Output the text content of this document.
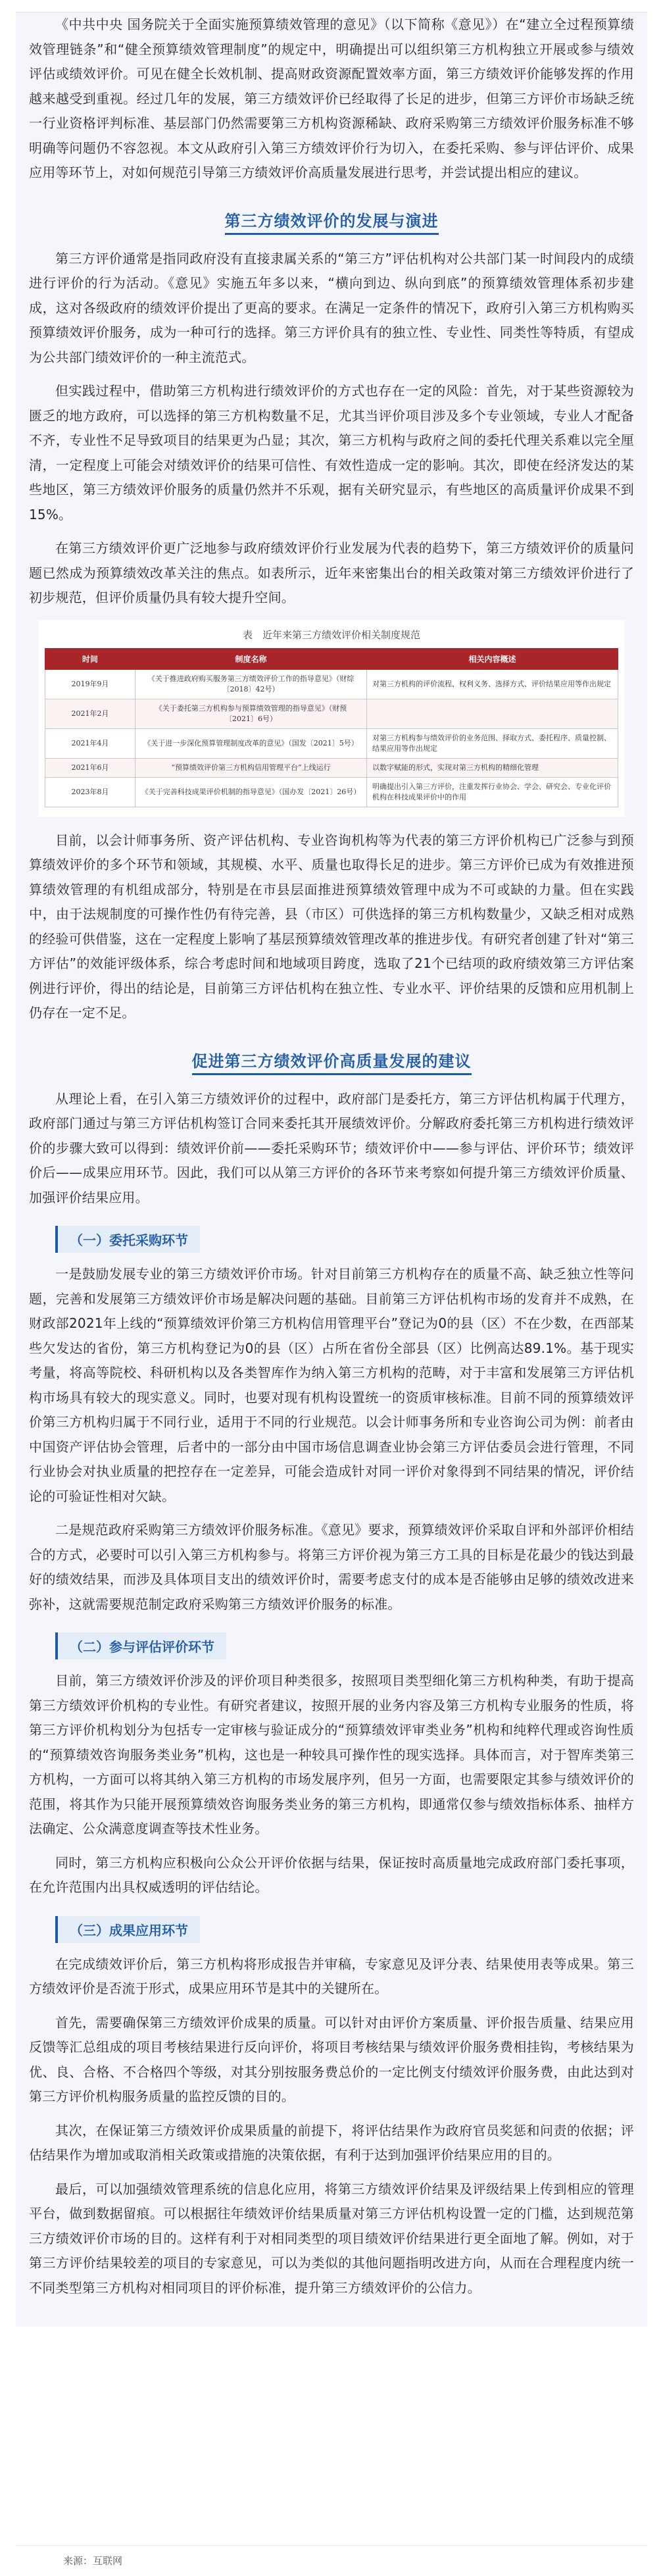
《中共中央 国务院关于全面实施预算绩效管理的意见》（以下简称《意见》）在“建立全过程预算绩效管理链条”和“健全预算绩效管理制度”的规定中，明确提出可以组织第三方机构独立开展或参与绩效评估或绩效评价。可见在健全长效机制、提高财政资源配置效率方面，第三方绩效评价能够发挥的作用越来越受到重视。经过几年的发展，第三方绩效评价已经取得了长足的进步，但第三方评价市场缺乏统一行业资格评判标准、基层部门仍然需要第三方机构资源稀缺、政府采购第三方绩效评价服务标准不够明确等问题仍不容忽视。本文从政府引入第三方绩效评价行为切入，在委托采购、参与评估评价、成果应用等环节上，对如何规范引导第三方绩效评价高质量发展进行思考，并尝试提出相应的建议。

第三方绩效评价的发展与演进

第三方评价通常是指同政府没有直接隶属关系的“第三方”评估机构对公共部门某一时间段内的成绩进行评价的行为活动。《意见》实施五年多以来，“横向到边、纵向到底”的预算绩效管理体系初步建成，这对各级政府的绩效评价提出了更高的要求。在满足一定条件的情况下，政府引入第三方机构购买预算绩效评价服务，成为一种可行的选择。第三方评价具有的独立性、专业性、同类性等特质，有望成为公共部门绩效评价的一种主流范式。

但实践过程中，借助第三方机构进行绩效评价的方式也存在一定的风险：首先，对于某些资源较为匮乏的地方政府，可以选择的第三方机构数量不足，尤其当评价项目涉及多个专业领域，专业人才配备不齐，专业性不足导致项目的结果更为凸显；其次，第三方机构与政府之间的委托代理关系难以完全厘清，一定程度上可能会对绩效评价的结果可信性、有效性造成一定的影响。其次，即使在经济发达的某些地区，第三方绩效评价服务的质量仍然并不乐观，据有关研究显示，有些地区的高质量评价成果不到15%。

在第三方绩效评价更广泛地参与政府绩效评价行业发展为代表的趋势下，第三方绩效评价的质量问题已然成为预算绩效改革关注的焦点。如表所示，近年来密集出台的相关政策对第三方绩效评价进行了初步规范，但评价质量仍具有较大提升空间。

表　近年来第三方绩效评价相关制度规范
时间	制度名称	相关内容概述
2019年9月	《关于推进政府购买服务第三方绩效评价工作的指导意见》（财综〔2018〕42号）	对第三方机构的评价流程、权利义务、选择方式、评价结果应用等作出规定
2021年2月	《关于委托第三方机构参与预算绩效管理的指导意见》（财预〔2021〕6号）	
2021年4月	《关于进一步深化预算管理制度改革的意见》（国发〔2021〕5号）	对第三方机构参与绩效评价的业务范围、择取方式、委托程序、质量控制、结果应用等作出规定
2021年6月	“预算绩效评价第三方机构信用管理平台”上线运行	以数字赋能的形式，实现对第三方机构的精细化管理
2023年8月	《关于完善科技成果评价机制的指导意见》（国办发〔2021〕26号）	明确提出引入第三方评价，注重发挥行业协会、学会、研究会、专业化评价机构在科技成果评价中的作用

目前，以会计师事务所、资产评估机构、专业咨询机构等为代表的第三方评价机构已广泛参与到预算绩效评价的多个环节和领域，其规模、水平、质量也取得长足的进步。第三方评价已成为有效推进预算绩效管理的有机组成部分，特别是在市县层面推进预算绩效管理中成为不可或缺的力量。但在实践中，由于法规制度的可操作性仍有待完善，县（市区）可供选择的第三方机构数量少，又缺乏相对成熟的经验可供借鉴，这在一定程度上影响了基层预算绩效管理改革的推进步伐。有研究者创建了针对“第三方评估”的效能评级体系，综合考虑时间和地域项目跨度，选取了21个已结项的政府绩效第三方评估案例进行评价，得出的结论是，目前第三方评估机构在独立性、专业水平、评价结果的反馈和应用机制上仍存在一定不足。

促进第三方绩效评价高质量发展的建议

从理论上看，在引入第三方绩效评价的过程中，政府部门是委托方，第三方评估机构属于代理方，政府部门通过与第三方评估机构签订合同来委托其开展绩效评价。分解政府委托第三方机构进行绩效评价的步骤大致可以得到：绩效评价前——委托采购环节；绩效评价中——参与评估、评价环节；绩效评价后——成果应用环节。因此，我们可以从第三方评价的各环节来考察如何提升第三方绩效评价质量、加强评价结果应用。

（一）委托采购环节

一是鼓励发展专业的第三方绩效评价市场。针对目前第三方机构存在的质量不高、缺乏独立性等问题，完善和发展第三方绩效评价市场是解决问题的基础。目前第三方评估机构市场的发育并不成熟，在财政部2021年上线的“预算绩效评价第三方机构信用管理平台”登记为0的县（区）不在少数，在西部某些欠发达的省份，第三方机构登记为0的县（区）占所在省份全部县（区）比例高达89.1%。基于现实考量，将高等院校、科研机构以及各类智库作为纳入第三方机构的范畴，对于丰富和发展第三方评估机构市场具有较大的现实意义。同时，也要对现有机构设置统一的资质审核标准。目前不同的预算绩效评价第三方机构归属于不同行业，适用于不同的行业规范。以会计师事务所和专业咨询公司为例：前者由中国资产评估协会管理，后者中的一部分由中国市场信息调查业协会第三方评估委员会进行管理，不同行业协会对执业质量的把控存在一定差异，可能会造成针对同一评价对象得到不同结果的情况，评价结论的可验证性相对欠缺。

二是规范政府采购第三方绩效评价服务标准。《意见》要求，预算绩效评价采取自评和外部评价相结合的方式，必要时可以引入第三方机构参与。将第三方评价视为第三方工具的目标是花最少的钱达到最好的绩效结果，而涉及具体项目支出的绩效评价时，需要考虑支付的成本是否能够由足够的绩效改进来弥补，这就需要规范制定政府采购第三方绩效评价服务的标准。

（二）参与评估评价环节

目前，第三方绩效评价涉及的评价项目种类很多，按照项目类型细化第三方机构种类，有助于提高第三方绩效评价机构的专业性。有研究者建议，按照开展的业务内容及第三方机构专业服务的性质，将第三方评价机构划分为包括专一定审核与验证成分的“预算绩效评审类业务”机构和纯粹代理或咨询性质的“预算绩效咨询服务类业务”机构，这也是一种较具可操作性的现实选择。具体而言，对于智库类第三方机构，一方面可以将其纳入第三方机构的市场发展序列，但另一方面，也需要限定其参与绩效评价的范围，将其作为只能开展预算绩效咨询服务类业务的第三方机构，即通常仅参与绩效指标体系、抽样方法确定、公众满意度调查等技术性业务。

同时，第三方机构应积极向公众公开评价依据与结果，保证按时高质量地完成政府部门委托事项，在允许范围内出具权威透明的评估结论。

（三）成果应用环节

在完成绩效评价后，第三方机构将形成报告并审稿，专家意见及评分表、结果使用表等成果。第三方绩效评价是否流于形式，成果应用环节是其中的关键所在。

首先，需要确保第三方绩效评价成果的质量。可以针对由评价方案质量、评价报告质量、结果应用反馈等汇总组成的项目考核结果进行反向评价，将项目考核结果与绩效评价服务费相挂钩，考核结果为优、良、合格、不合格四个等级，对其分别按服务费总价的一定比例支付绩效评价服务费，由此达到对第三方评价机构服务质量的监控反馈的目的。

其次，在保证第三方绩效评价成果质量的前提下，将评估结果作为政府官员奖惩和问责的依据；评估结果作为增加或取消相关政策或措施的决策依据，有利于达到加强评价结果应用的目的。

最后，可以加强绩效管理系统的信息化应用，将第三方绩效评价结果及评级结果上传到相应的管理平台，做到数据留痕。可以根据往年绩效评价结果质量对第三方评估机构设置一定的门槛，达到规范第三方绩效评价市场的目的。这样有利于对相同类型的项目绩效评价结果进行更全面地了解。例如，对于第三方评价结果较差的项目的专家意见，可以为类似的其他问题指明改进方向，从而在合理程度内统一不同类型第三方机构对相同项目的评价标准，提升第三方绩效评价的公信力。

来源：互联网
